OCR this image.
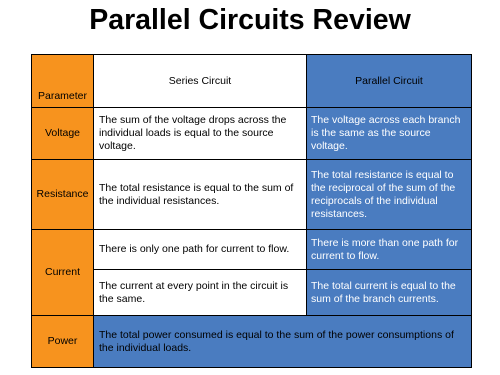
Parallel Circuits Review
Parameter	Series Circuit	Parallel Circuit
Voltage	The sum of the voltage drops across the individual loads is equal to the source voltage.	The voltage across each branch is the same as the source voltage.
Resistance	The total resistance is equal to the sum of the individual resistances.	The total resistance is equal to the reciprocal of the sum of the reciprocals of the individual resistances.
Current	There is only one path for current to flow.	There is more than one path for current to flow.
	The current at every point in the circuit is the same.	The total current is equal to the sum of the branch currents.
Power	The total power consumed is equal to the sum of the power consumptions of the individual loads.	
